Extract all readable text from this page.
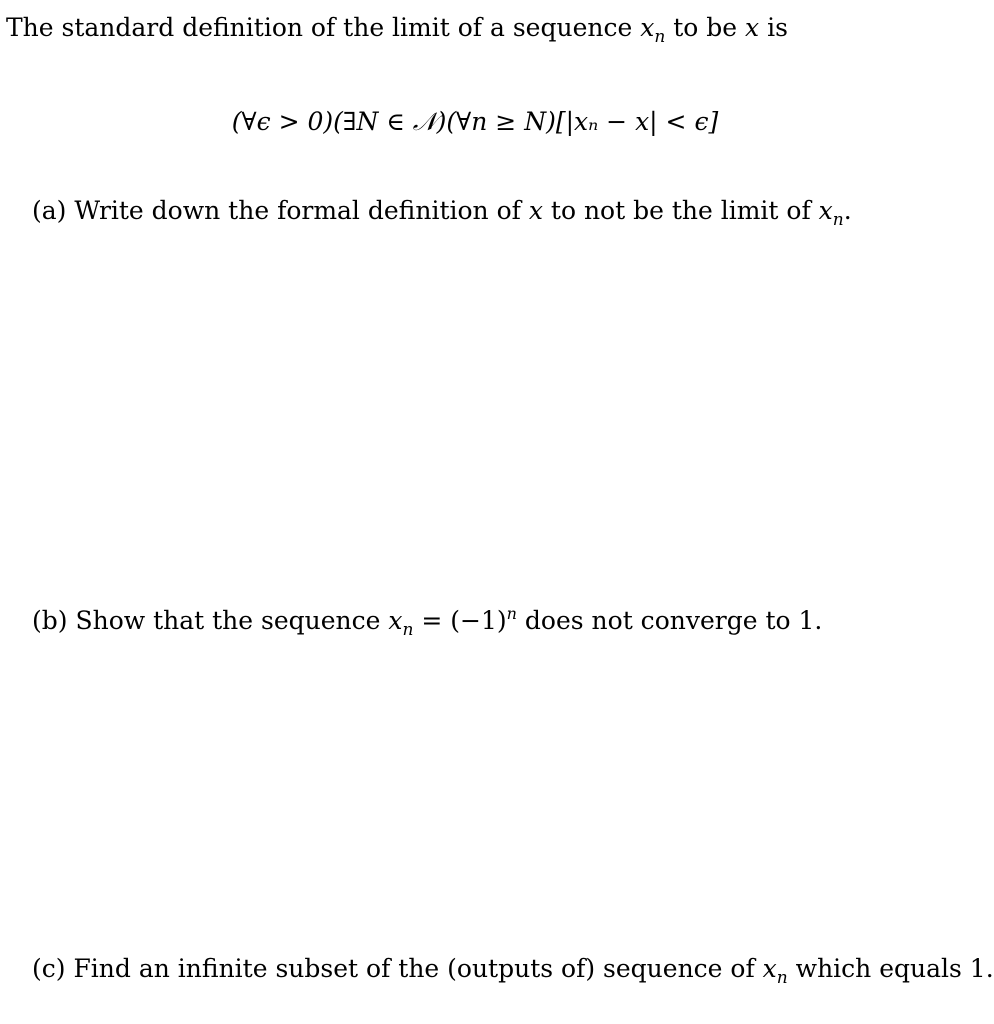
The standard definition of the limit of a sequence $x_n$ to be x is
(∀ϵ > 0)(∃N ∈ 𝒩)(∀n ≥ N)[|xₙ − x| < ϵ]
(a) Write down the formal definition of x to not be the limit of $x_n$.
(b) Show that the sequence $x_n = (-1)^n$ does not converge to 1.
(c) Find an infinite subset of the (outputs of) sequence of $x_n$ which equals 1.
